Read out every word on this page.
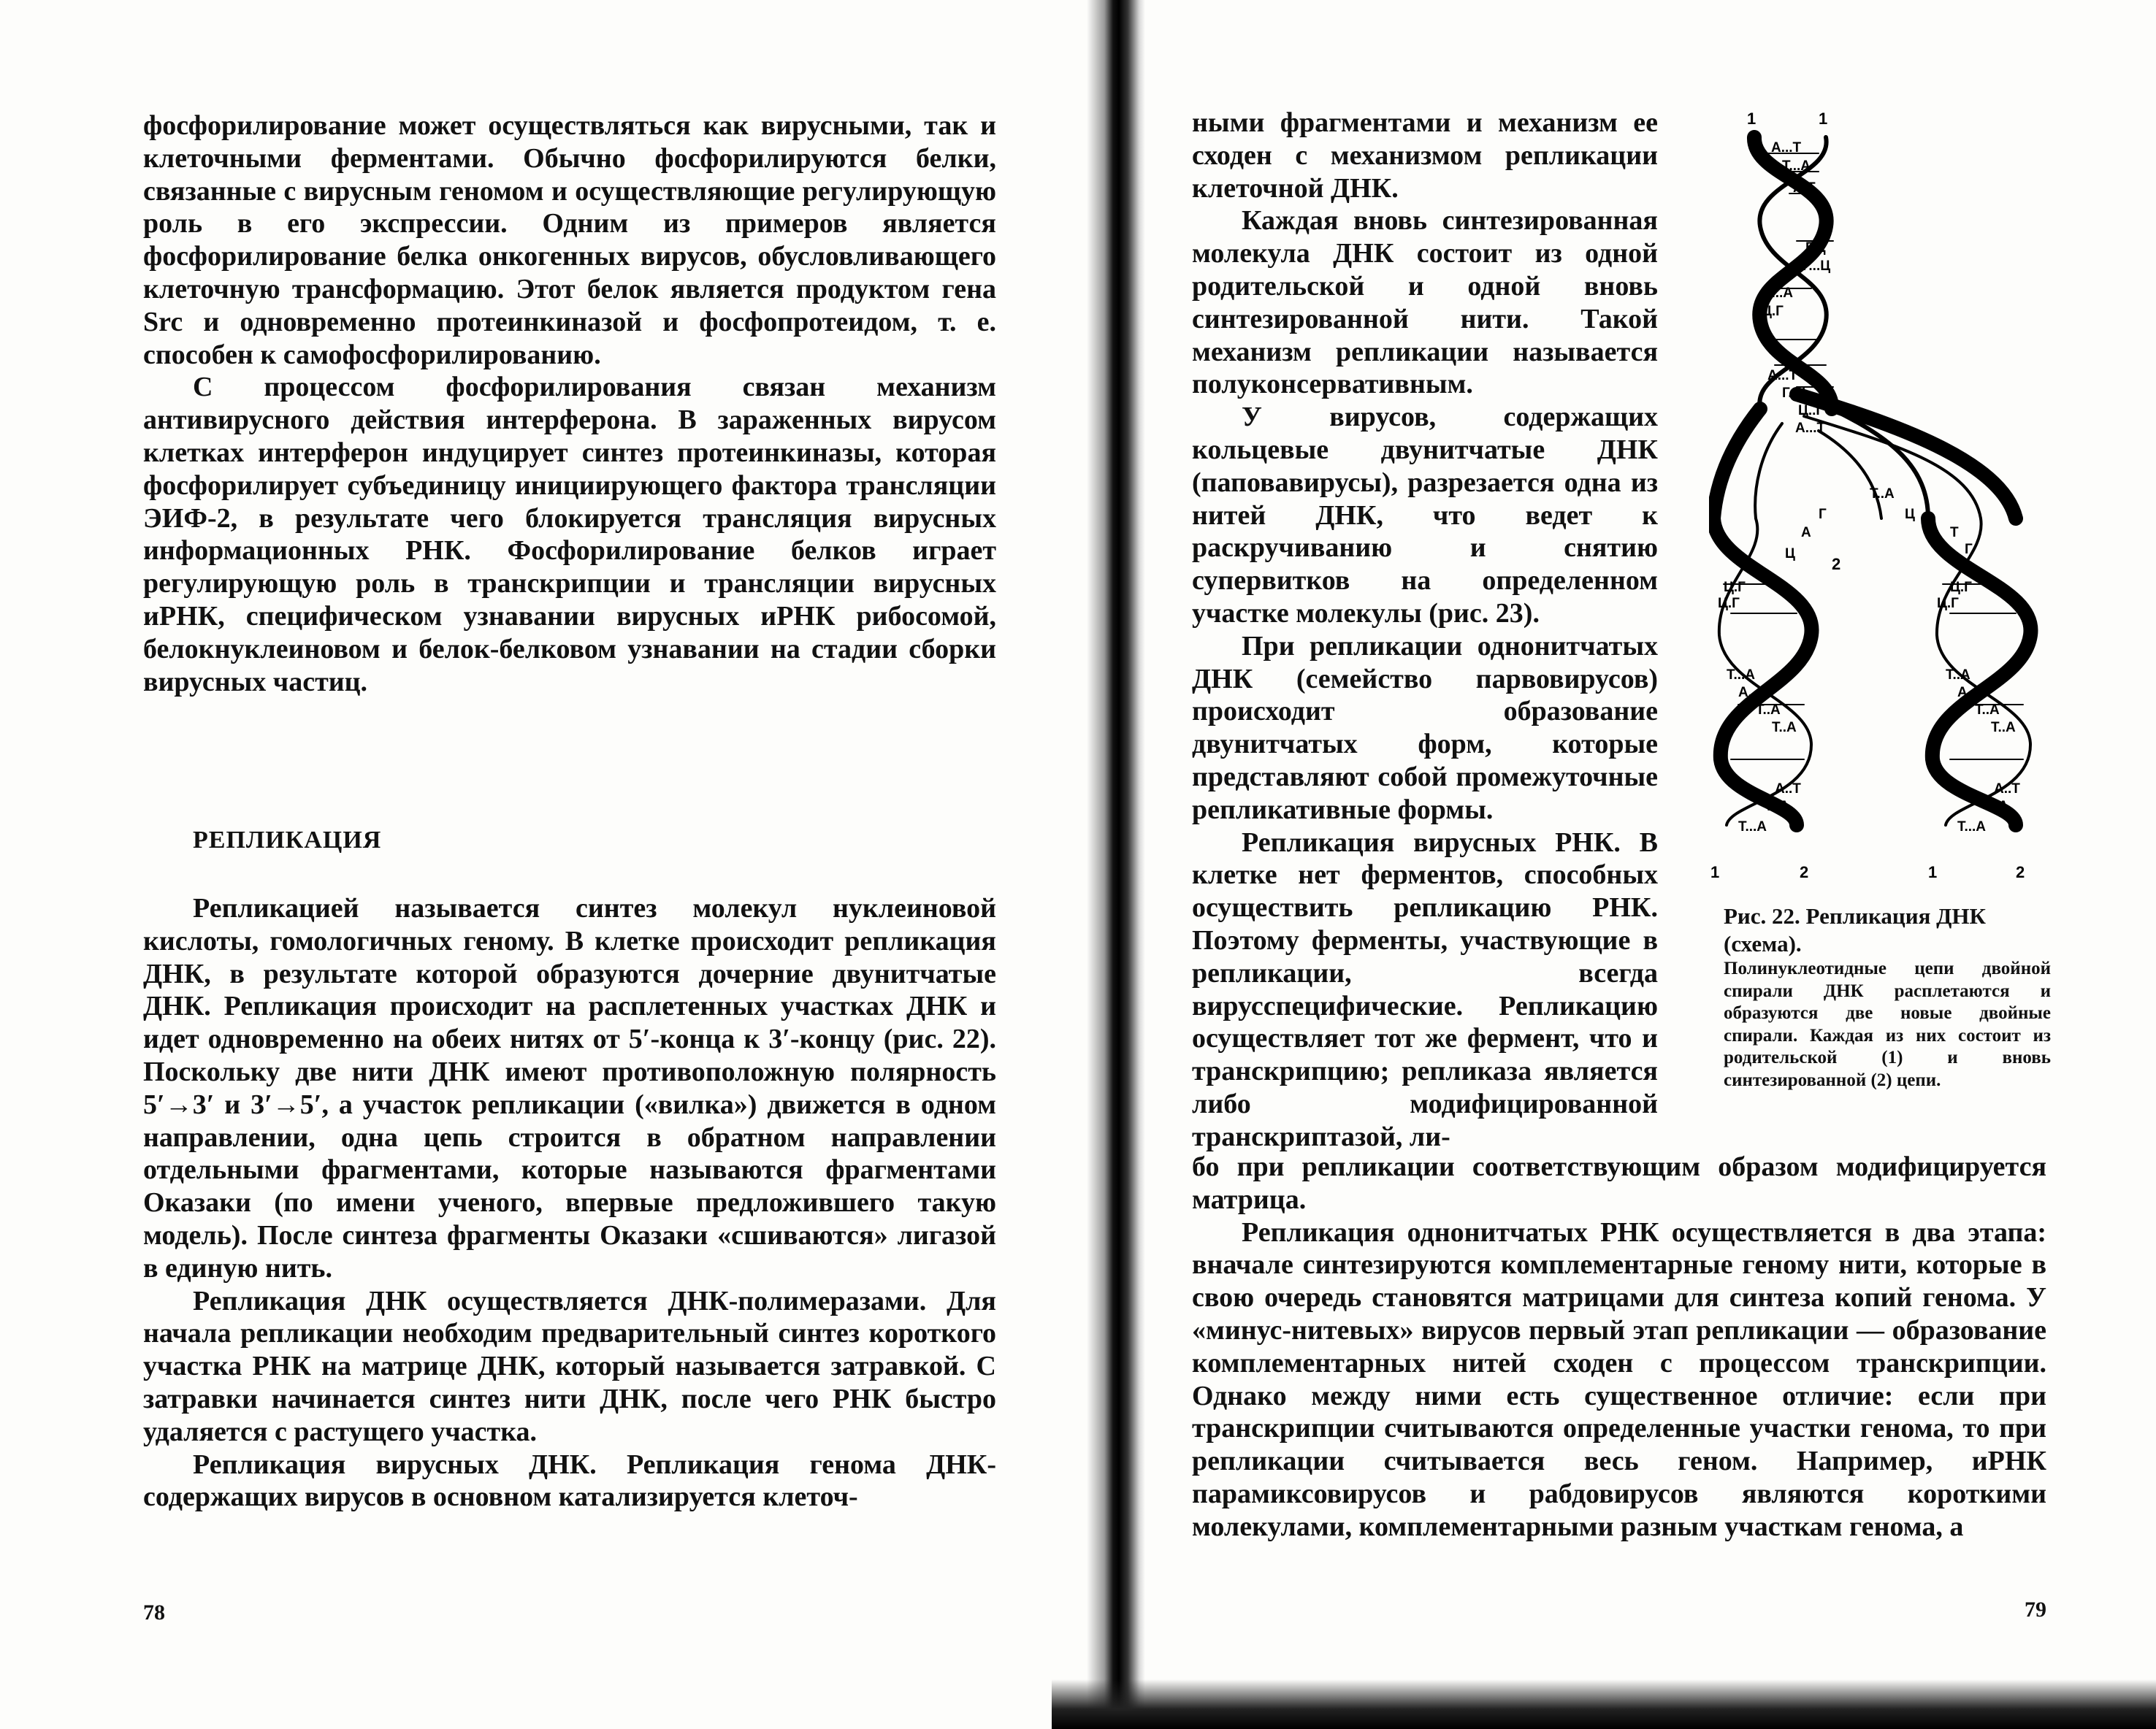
фосфорилирование может осуществляться как вирусными, так и клеточными ферментами. Обычно фосфорилируются белки, связанные с вирусным геномом и осуществляющие регулирующую роль в его экспрессии. Одним из примеров является фосфорилирование белка онкогенных вирусов, обусловливающего клеточную трансформацию. Этот белок является продуктом гена Src и одновременно протеинкиназой и фосфопротеидом, т. е. способен к самофосфорилированию.

С процессом фосфорилирования связан механизм антивирусного действия интерферона. В зараженных вирусом клетках интерферон индуцирует синтез протеинкиназы, которая фосфорилирует субъединицу инициирующего фактора трансляции ЭИФ-2, в результате чего блокируется трансляция вирусных информационных РНК. Фосфорилирование белков играет регулирующую роль в транскрипции и трансляции вирусных иРНК, специфическом узнавании вирусных иРНК рибосомой, белокнуклеиновом и белок-белковом узнавании на стадии сборки вирусных частиц.

РЕПЛИКАЦИЯ

Репликацией называется синтез молекул нуклеиновой кислоты, гомологичных геному. В клетке происходит репликация ДНК, в результате которой образуются дочерние двунитчатые ДНК. Репликация происходит на расплетенных участках ДНК и идет одновременно на обеих нитях от 5′-конца к 3′-концу (рис. 22). Поскольку две нити ДНК имеют противоположную полярность 5′→3′ и 3′→5′, а участок репликации («вилка») движется в одном направлении, одна цепь строится в обратном направлении отдельными фрагментами, которые называются фрагментами Оказаки (по имени ученого, впервые предложившего такую модель). После синтеза фрагменты Оказаки «сшиваются» лигазой в единую нить.

Репликация ДНК осуществляется ДНК-полимеразами. Для начала репликации необходим предварительный синтез короткого участка РНК на матрице ДНК, который называется затравкой. С затравки начинается синтез нити ДНК, после чего РНК быстро удаляется с растущего участка.

Репликация вирусных ДНК. Репликация генома ДНК-содержащих вирусов в основном катализируется клеточ-

78

ными фрагментами и механизм ее сходен с механизмом репликации клеточной ДНК.

Каждая вновь синтезированная молекула ДНК состоит из одной родительской и одной вновь синтезированной нити. Такой механизм репликации называется полуконсервативным.

У вирусов, содержащих кольцевые двунитчатые ДНК (паповавирусы), разрезается одна из нитей ДНК, что ведет к раскручиванию и снятию супервитков на определенном участке молекулы (рис. 23).

При репликации однонитчатых ДНК (семейство парвовирусов) происходит образование двунитчатых форм, которые представляют собой промежуточные репликативные формы.

Репликация вирусных РНК. В клетке нет ферментов, способных осуществить репликацию РНК. Поэтому ферменты, участвующие в репликации, всегда вирусспецифические. Репликацию осуществляет тот же фермент, что и транскрипцию; репликаза является либо модифицированной транскриптазой, ли-

бо при репликации соответствующим образом модифицируется матрица.

Репликация однонитчатых РНК осуществляется в два этапа: вначале синтезируются комплементарные геному нити, которые в свою очередь становятся матрицами для синтеза копий генома. У «минус-нитевых» вирусов первый этап репликации — образование комплементарных нитей сходен с процессом транскрипции. Однако между ними есть существенное отличие: если при транскрипции считываются определенные участки генома, то при репликации считывается весь геном. Например, иРНК парамиксовирусов и рабдовирусов являются короткими молекулами, комплементарными разным участкам генома, а

79
1	1
2
1	2	1	2
А...Т
Т...А
А.Т
Г.Ц
Г...Ц
Т...А
Ц.Г
А...Т
Г..Ц
Ц..Г
А...Т
Т..А
Г	Ц
А	Т
Г
Ц
Ц.Г
Ц.Г
Т...А
А...Т
Т..А
Т..А
А..Т
Т..А
Т...А
Ц.Г
Ц.Г
Т..А
А...Т
Т..А
Т..А
А..Т
Т..А
Т...А

Рис. 22. Репликация ДНК (схема).

Полинуклеотидные цепи двойной спирали ДНК расплетаются и образуются две новые двойные спирали. Каждая из них состоит из родительской (1) и вновь синтезированной (2) цепи.
